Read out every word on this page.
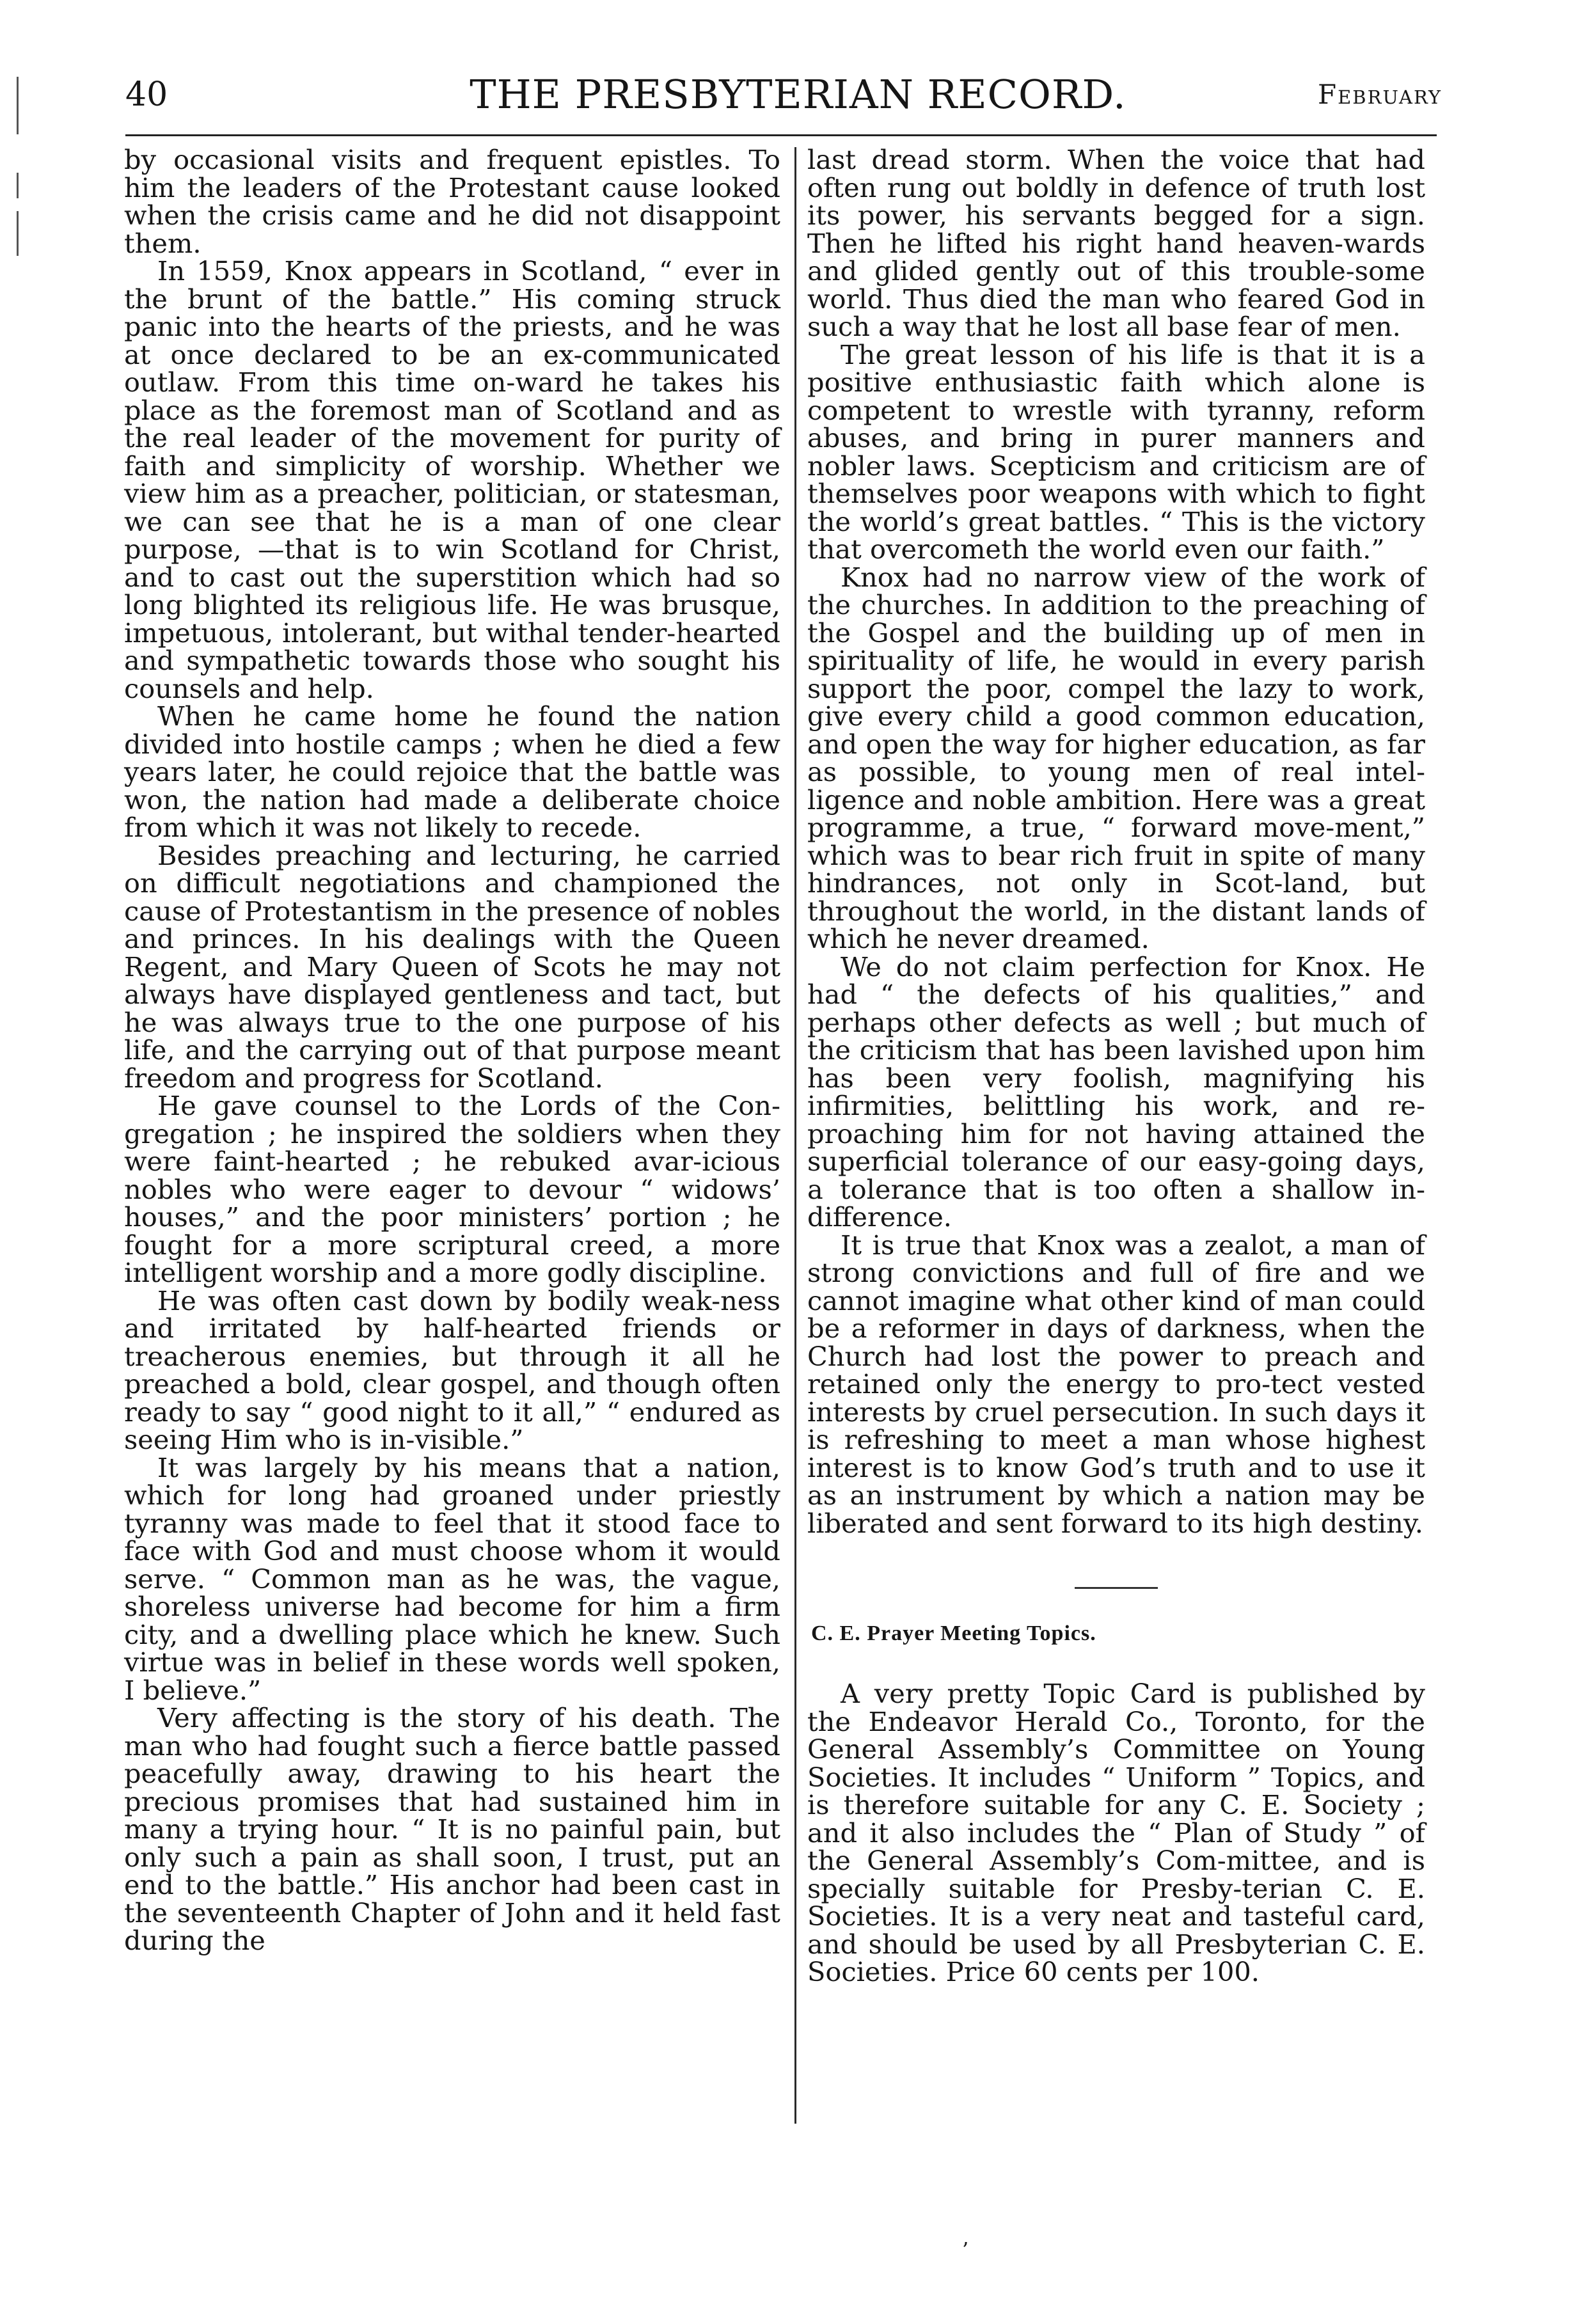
40	THE PRESBYTERIAN RECORD.	February

by occasional visits and frequent epistles. To him the leaders of the Protestant cause looked when the crisis came and he did not disappoint them.

In 1559, Knox appears in Scotland, “ ever in the brunt of the battle.” His coming struck panic into the hearts of the priests, and he was at once declared to be an ex-communicated outlaw. From this time on-ward he takes his place as the foremost man of Scotland and as the real leader of the movement for purity of faith and simplicity of worship. Whether we view him as a preacher, politician, or statesman, we can see that he is a man of one clear purpose, —that is to win Scotland for Christ, and to cast out the superstition which had so long blighted its religious life. He was brusque, impetuous, intolerant, but withal tender-hearted and sympathetic towards those who sought his counsels and help.

When he came home he found the nation divided into hostile camps ; when he died a few years later, he could rejoice that the battle was won, the nation had made a deliberate choice from which it was not likely to recede.

Besides preaching and lecturing, he carried on difficult negotiations and championed the cause of Protestantism in the presence of nobles and princes. In his dealings with the Queen Regent, and Mary Queen of Scots he may not always have displayed gentleness and tact, but he was always true to the one purpose of his life, and the carrying out of that purpose meant freedom and progress for Scotland.

He gave counsel to the Lords of the Con-gregation ; he inspired the soldiers when they were faint-hearted ; he rebuked avar-icious nobles who were eager to devour “ widows’ houses,” and the poor ministers’ portion ; he fought for a more scriptural creed, a more intelligent worship and a more godly discipline.

He was often cast down by bodily weak-ness and irritated by half-hearted friends or treacherous enemies, but through it all he preached a bold, clear gospel, and though often ready to say “ good night to it all,” “ endured as seeing Him who is in-visible.”

It was largely by his means that a nation, which for long had groaned under priestly tyranny was made to feel that it stood face to face with God and must choose whom it would serve. “ Common man as he was, the vague, shoreless universe had become for him a firm city, and a dwelling place which he knew. Such virtue was in belief in these words well spoken, I believe.”

Very affecting is the story of his death. The man who had fought such a fierce battle passed peacefully away, drawing to his heart the precious promises that had sustained him in many a trying hour. “ It is no painful pain, but only such a pain as shall soon, I trust, put an end to the battle.” His anchor had been cast in the seventeenth Chapter of John and it held fast during the

last dread storm. When the voice that had often rung out boldly in defence of truth lost its power, his servants begged for a sign. Then he lifted his right hand heaven-wards and glided gently out of this trouble-some world. Thus died the man who feared God in such a way that he lost all base fear of men.

The great lesson of his life is that it is a positive enthusiastic faith which alone is competent to wrestle with tyranny, reform abuses, and bring in purer manners and nobler laws. Scepticism and criticism are of themselves poor weapons with which to fight the world’s great battles. “ This is the victory that overcometh the world even our faith.”

Knox had no narrow view of the work of the churches. In addition to the preaching of the Gospel and the building up of men in spirituality of life, he would in every parish support the poor, compel the lazy to work, give every child a good common education, and open the way for higher education, as far as possible, to young men of real intel-ligence and noble ambition. Here was a great programme, a true, “ forward move-ment,” which was to bear rich fruit in spite of many hindrances, not only in Scot-land, but throughout the world, in the distant lands of which he never dreamed.

We do not claim perfection for Knox. He had “ the defects of his qualities,” and perhaps other defects as well ; but much of the criticism that has been lavished upon him has been very foolish, magnifying his infirmities, belittling his work, and re-proaching him for not having attained the superficial tolerance of our easy-going days, a tolerance that is too often a shallow in-difference.

It is true that Knox was a zealot, a man of strong convictions and full of fire and we cannot imagine what other kind of man could be a reformer in days of darkness, when the Church had lost the power to preach and retained only the energy to pro-tect vested interests by cruel persecution. In such days it is refreshing to meet a man whose highest interest is to know God’s truth and to use it as an instrument by which a nation may be liberated and sent forward to its high destiny.

C. E. Prayer Meeting Topics.

A very pretty Topic Card is published by the Endeavor Herald Co., Toronto, for the General Assembly’s Committee on Young Societies. It includes “ Uniform ” Topics, and is therefore suitable for any C. E. Society ; and it also includes the “ Plan of Study ” of the General Assembly’s Com-mittee, and is specially suitable for Presby-terian C. E. Societies. It is a very neat and tasteful card, and should be used by all Presbyterian C. E. Societies. Price 60 cents per 100.

’
